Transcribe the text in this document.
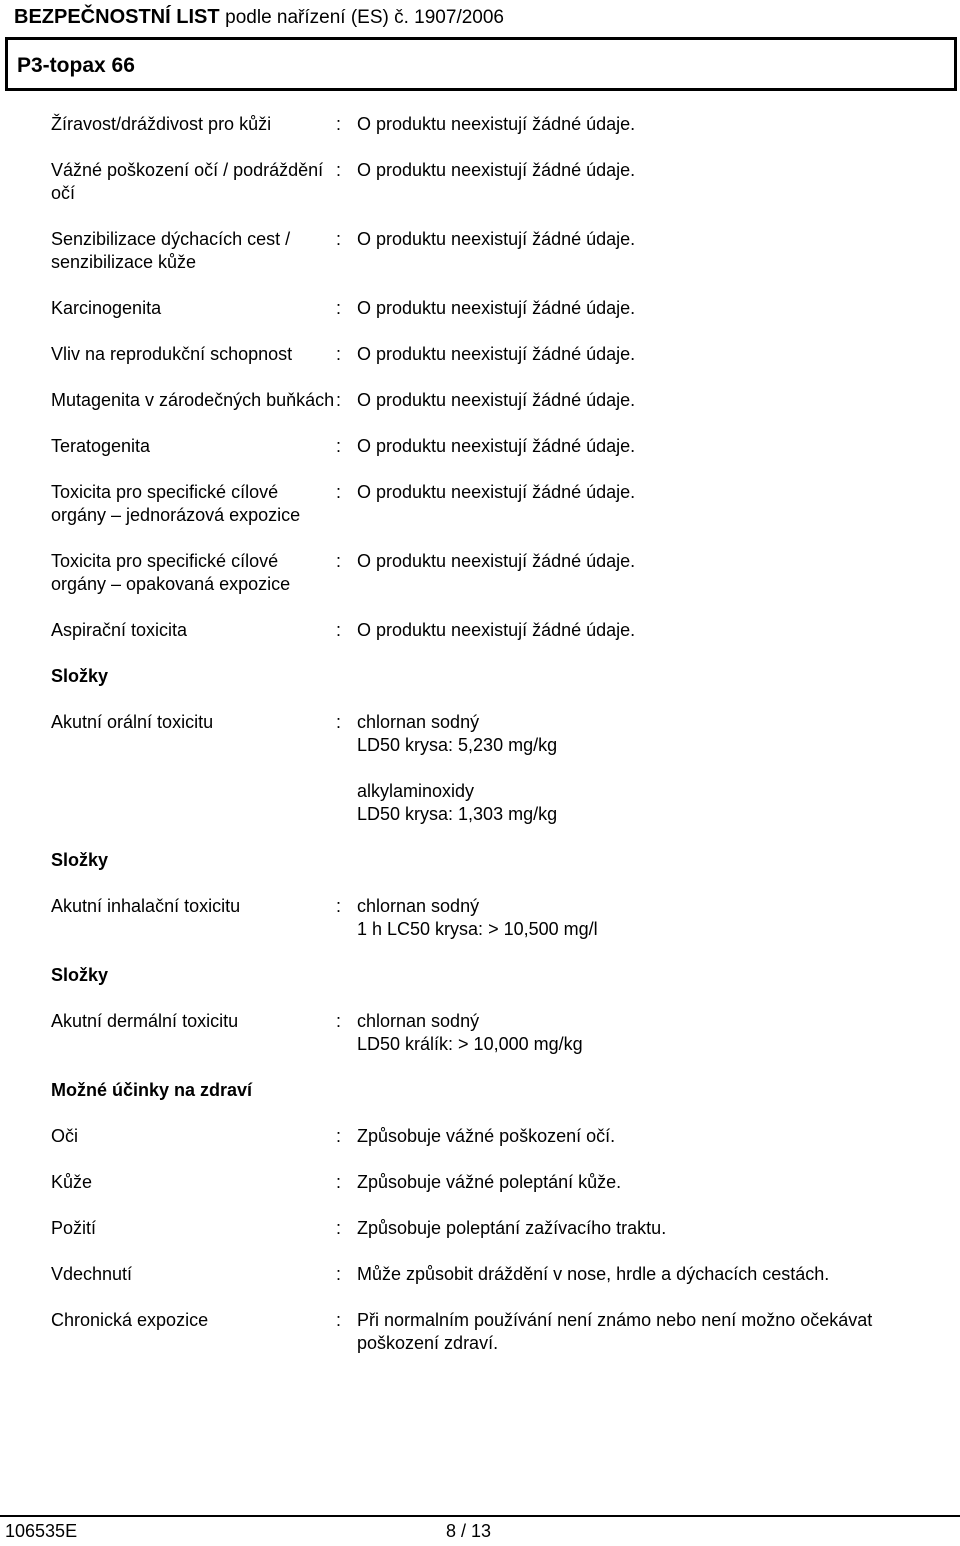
BEZPEČNOSTNÍ LIST podle nařízení (ES) č. 1907/2006
P3-topax 66
Žíravost/dráždivost pro kůži	: O produktu neexistují žádné údaje.
Vážné poškození očí / podráždění očí
: O produktu neexistují žádné údaje.
Senzibilizace dýchacích cest / senzibilizace kůže
: O produktu neexistují žádné údaje.
Karcinogenita	: O produktu neexistují žádné údaje.
Vliv na reprodukční schopnost	: O produktu neexistují žádné údaje.
Mutagenita v zárodečných buňkách : O produktu neexistují žádné údaje.
Teratogenita	: O produktu neexistují žádné údaje.
Toxicita pro specifické cílové orgány – jednorázová expozice
: O produktu neexistují žádné údaje.
Toxicita pro specifické cílové orgány – opakovaná expozice
: O produktu neexistují žádné údaje.
Aspirační toxicita	: O produktu neexistují žádné údaje.
Složky
Akutní orální toxicitu	: chlornan sodný
LD50 krysa: 5,230 mg/kg
alkylaminoxidy
LD50 krysa: 1,303 mg/kg
Složky
Akutní inhalační toxicitu	: chlornan sodný
1 h LC50 krysa: > 10,500 mg/l
Složky
Akutní dermální toxicitu	: chlornan sodný
LD50 králík: > 10,000 mg/kg
Možné účinky na zdraví
Oči	: Způsobuje vážné poškození očí.
Kůže	: Způsobuje vážné poleptání kůže.
Požití	: Způsobuje poleptání zažívacího traktu.
Vdechnutí	: Může způsobit dráždění v nose, hrdle a dýchacích cestách.
Chronická expozice	: Při normalním používání není známo nebo není možno očekávat poškození zdraví.
106535E	8 / 13
